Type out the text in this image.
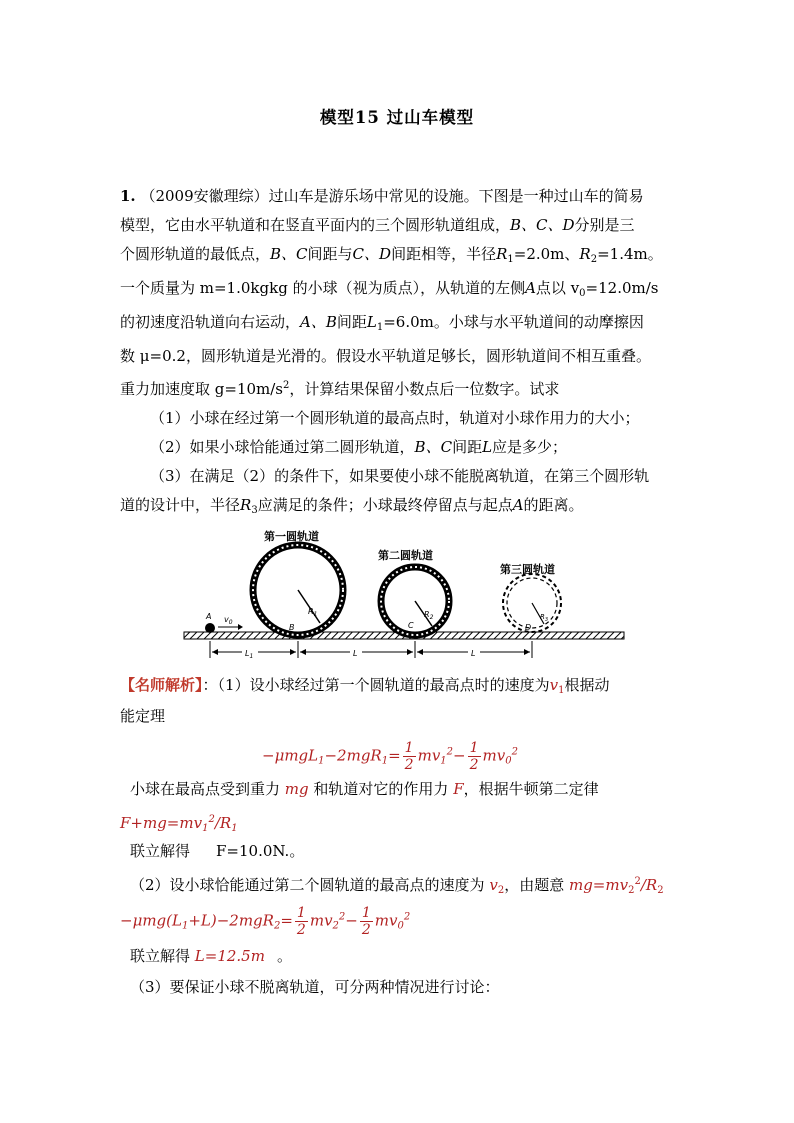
模型15 过山车模型
1. （2009安徽理综）过山车是游乐场中常见的设施。下图是一种过山车的简易
模型，它由水平轨道和在竖直平面内的三个圆形轨道组成，B、C、D分别是三
个圆形轨道的最低点，B、C间距与C、D间距相等，半径$R_1=2.0m$、$R_2=1.4m$。
一个质量为 m=1.0kgkg 的小球（视为质点），从轨道的左侧A点以 $v_0=12.0m/s$
的初速度沿轨道向右运动，A、B间距$L_1=6.0m$。小球与水平轨道间的动摩擦因
数 μ=0.2，圆形轨道是光滑的。假设水平轨道足够长，圆形轨道间不相互重叠。
重力加速度取 $g=10m/s^2$，计算结果保留小数点后一位数字。试求
（1）小球在经过第一个圆形轨道的最高点时，轨道对小球作用力的大小；
（2）如果小球恰能通过第二圆形轨道，B、C间距L应是多少；
（3）在满足（2）的条件下，如果要使小球不能脱离轨道，在第三个圆形轨
道的设计中，半径$R_3$应满足的条件；小球最终停留点与起点A的距离。
第一圆轨道
第二圆轨道
第三圆轨道
$R_1$	$R_2$	$R_3$
A $v_0$
B	C	D
$L_1$	L	L
【名师解析】：（1）设小球经过第一个圆轨道的最高点时的速度为$v_1$根据动
能定理
$-\mu mgL_1-2mgR_1= \frac{1}{2} mv_1^2- \frac{1}{2} mv_0^2$
小球在最高点受到重力 mg 和轨道对它的作用力 F，根据牛顿第二定律
$F+mg=mv_1^2/R_1$
联立解得 F=10.0N.。
（2）设小球恰能通过第二个圆轨道的最高点的速度为 $v_2$，由题意 $mg=mv_2^2/R_2$
$-\mu mg(L_1+L)-2mgR_2= \frac{1}{2} mv_2^2- \frac{1}{2} mv_0^2$
联立解得 L=12.5m 。
（3）要保证小球不脱离轨道，可分两种情况进行讨论：
